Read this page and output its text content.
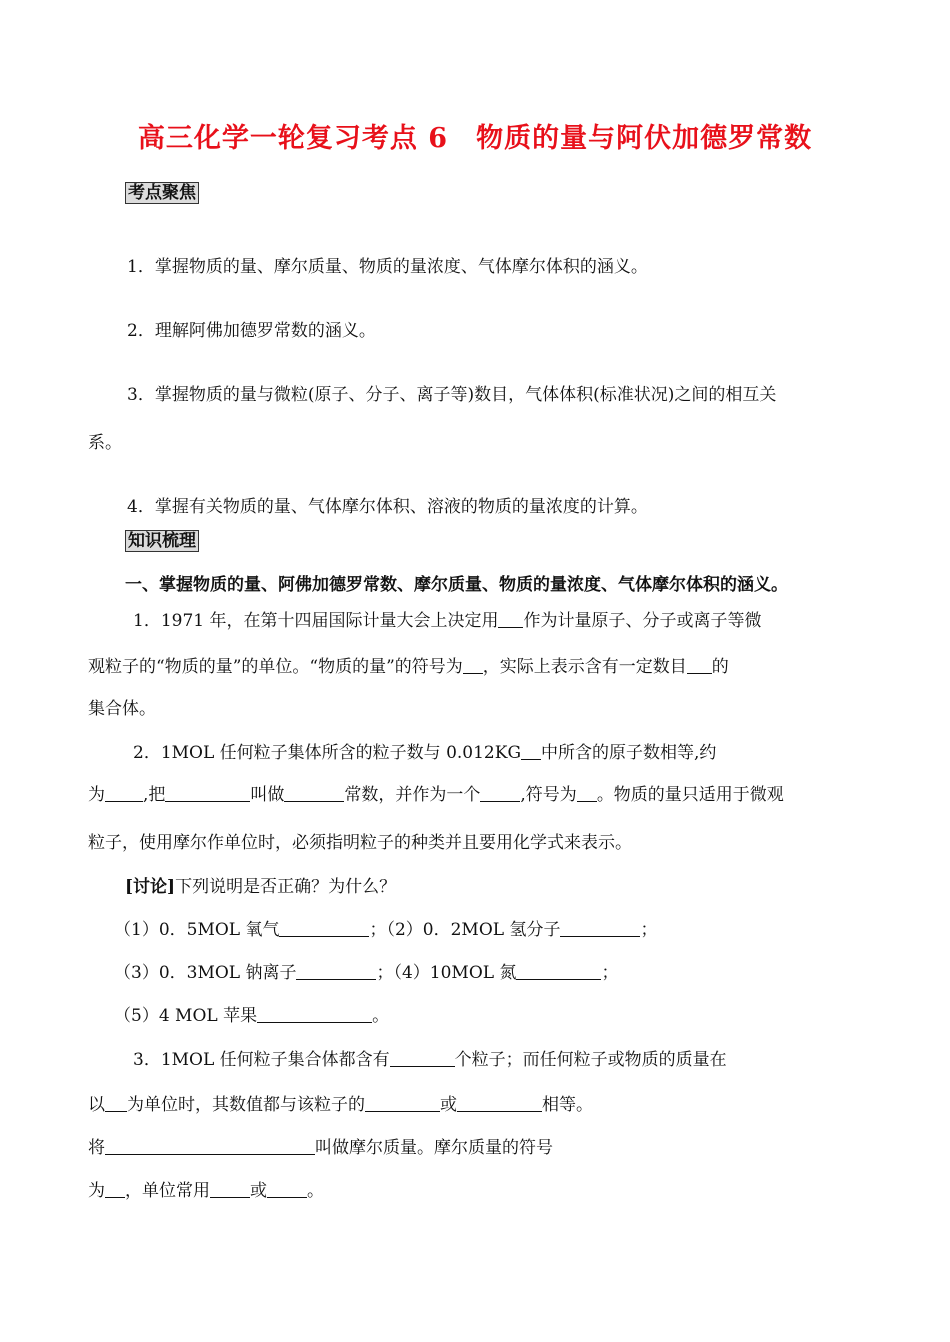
高三化学一轮复习考点 6　物质的量与阿伏加德罗常数
考点聚焦
1．掌握物质的量、摩尔质量、物质的量浓度、气体摩尔体积的涵义。
2．理解阿佛加德罗常数的涵义。
3．掌握物质的量与微粒(原子、分子、离子等)数目，气体体积(标准状况)之间的相互关
系。
4．掌握有关物质的量、气体摩尔体积、溶液的物质的量浓度的计算。
知识梳理
一、掌握物质的量、阿佛加德罗常数、摩尔质量、物质的量浓度、气体摩尔体积的涵义。
1．1971 年，在第十四届国际计量大会上决定用 作为计量原子、分子或离子等微
观粒子的“物质的量”的单位。“物质的量”的符号为 ，实际上表示含有一定数目 的
集合体。
2．1MOL 任何粒子集体所含的粒子数与 0.012KG 中所含的原子数相等,约
为 ,把	叫做	常数，并作为一个 ,符号为 。物质的量只适用于微观
粒子，使用摩尔作单位时，必须指明粒子的种类并且要用化学式来表示。
[讨论]下列说明是否正确？为什么？
（1）0．5MOL 氧气	；（2）0．2MOL 氢分子	；
（3）0．3MOL 钠离子	；（4）10MOL 氮	；
（5）4 MOL 苹果	。
3．1MOL 任何粒子集合体都含有	个粒子；而任何粒子或物质的质量在
以 为单位时，其数值都与该粒子的	或	相等。
将	叫做摩尔质量。摩尔质量的符号
为 ，单位常用 或 。
